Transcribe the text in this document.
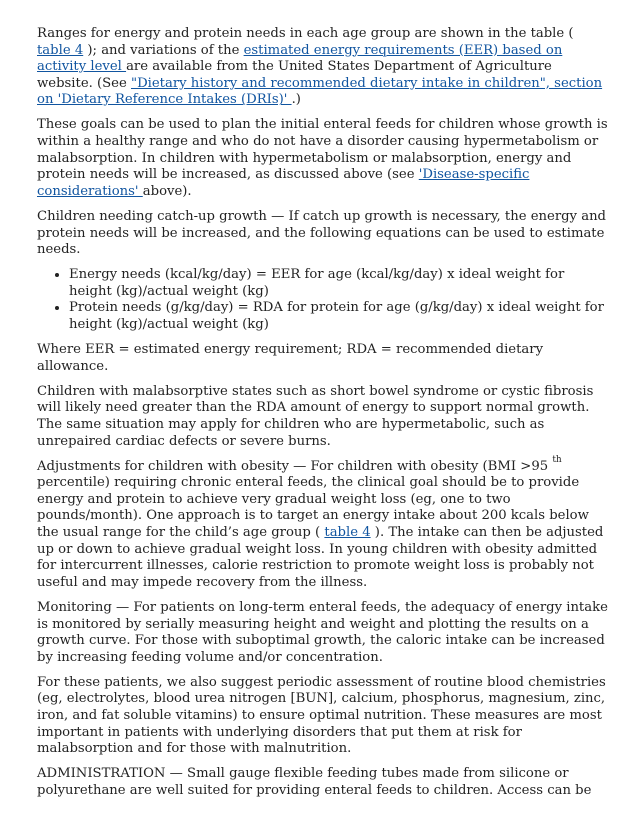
Ranges for energy and protein needs in each age group are shown in the table ( table 4 ); and variations of the estimated energy requirements (EER) based on activity level are available from the United States Department of Agriculture website. (See "Dietary history and recommended dietary intake in children", section on 'Dietary Reference Intakes (DRIs)' .)

These goals can be used to plan the initial enteral feeds for children whose growth is within a healthy range and who do not have a disorder causing hypermetabolism or malabsorption. In children with hypermetabolism or malabsorption, energy and protein needs will be increased, as discussed above (see 'Disease-specific considerations' above).

Children needing catch-up growth — If catch up growth is necessary, the energy and protein needs will be increased, and the following equations can be used to estimate needs.

• Energy needs (kcal/kg/day) = EER for age (kcal/kg/day) x ideal weight for height (kg)/actual weight (kg)
• Protein needs (g/kg/day) = RDA for protein for age (g/kg/day) x ideal weight for height (kg)/actual weight (kg)

Where EER = estimated energy requirement; RDA = recommended dietary allowance.

Children with malabsorptive states such as short bowel syndrome or cystic fibrosis will likely need greater than the RDA amount of energy to support normal growth. The same situation may apply for children who are hypermetabolic, such as unrepaired cardiac defects or severe burns.

Adjustments for children with obesity — For children with obesity (BMI >95 $^{th}$ percentile) requiring chronic enteral feeds, the clinical goal should be to provide energy and protein to achieve very gradual weight loss (eg, one to two pounds/month). One approach is to target an energy intake about 200 kcals below the usual range for the child’s age group ( table 4 ). The intake can then be adjusted up or down to achieve gradual weight loss. In young children with obesity admitted for intercurrent illnesses, calorie restriction to promote weight loss is probably not useful and may impede recovery from the illness.

Monitoring — For patients on long-term enteral feeds, the adequacy of energy intake is monitored by serially measuring height and weight and plotting the results on a growth curve. For those with suboptimal growth, the caloric intake can be increased by increasing feeding volume and/or concentration.

For these patients, we also suggest periodic assessment of routine blood chemistries (eg, electrolytes, blood urea nitrogen [BUN], calcium, phosphorus, magnesium, zinc, iron, and fat soluble vitamins) to ensure optimal nutrition. These measures are most important in patients with underlying disorders that put them at risk for malabsorption and for those with malnutrition.

ADMINISTRATION — Small gauge flexible feeding tubes made from silicone or polyurethane are well suited for providing enteral feeds to children. Access can be
